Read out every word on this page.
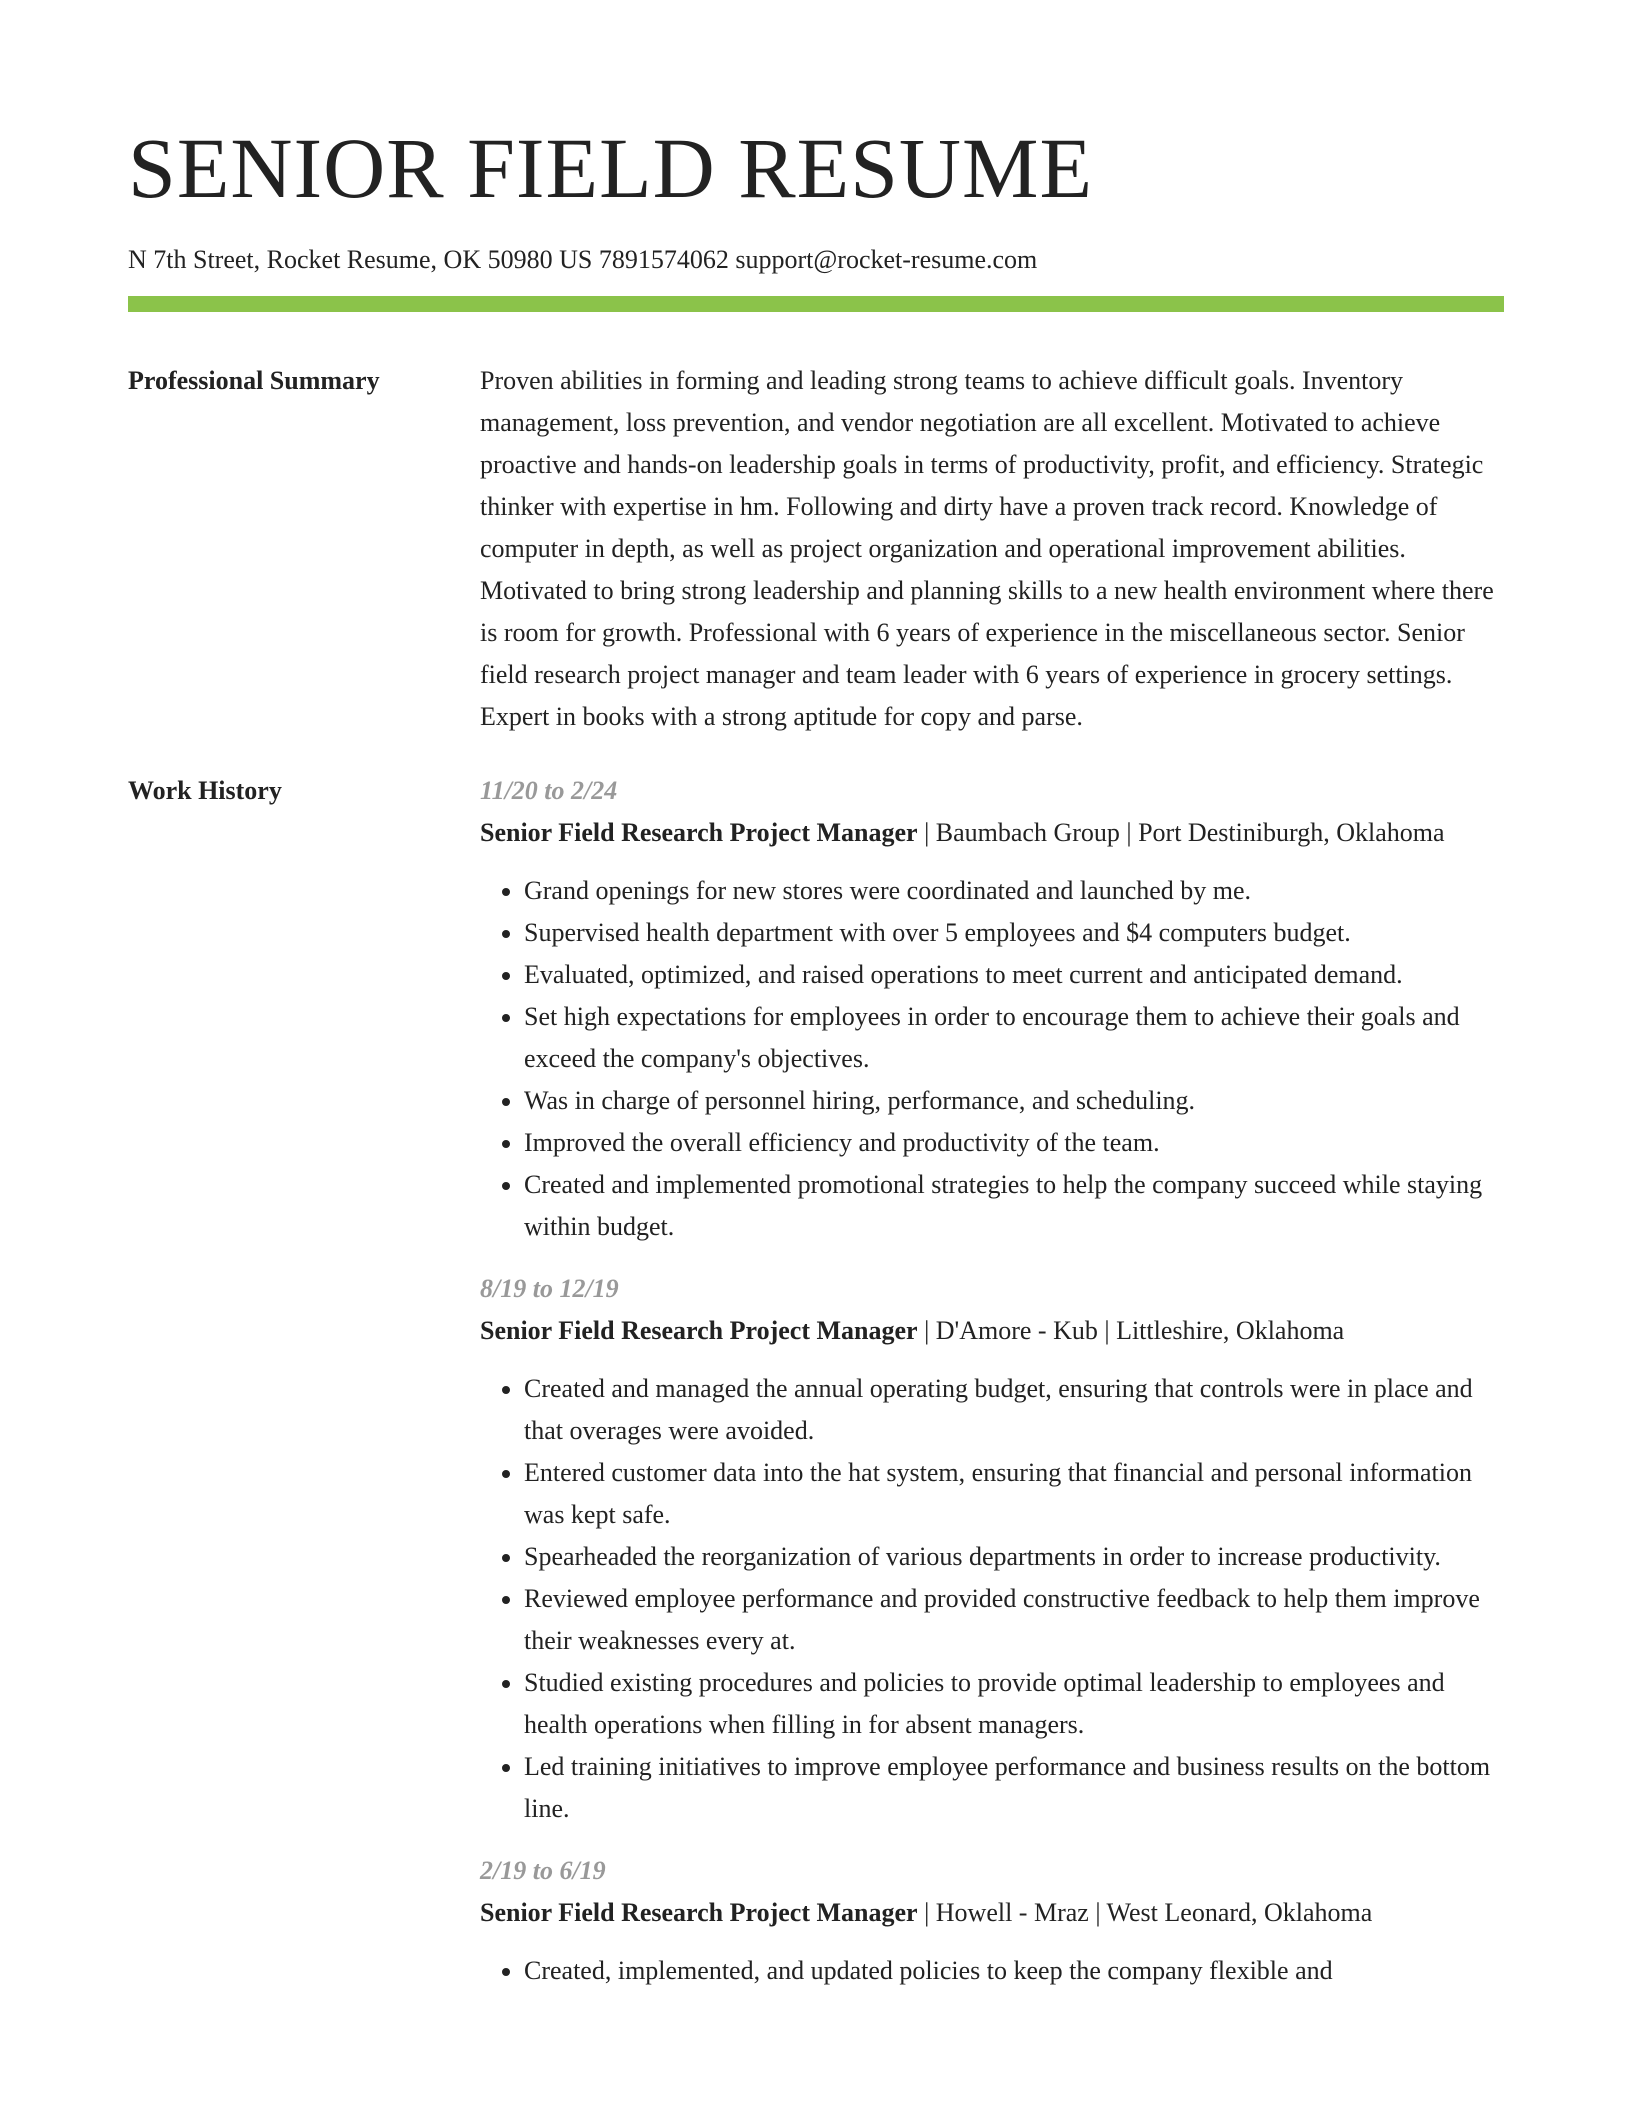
SENIOR FIELD RESUME
N 7th Street, Rocket Resume, OK 50980 US 7891574062 support@rocket-resume.com
Professional Summary	Proven abilities in forming and leading strong teams to achieve difficult goals. Inventory management, loss prevention, and vendor negotiation are all excellent. Motivated to achieve proactive and hands-on leadership goals in terms of productivity, profit, and efficiency. Strategic thinker with expertise in hm. Following and dirty have a proven track record. Knowledge of computer in depth, as well as project organization and operational improvement abilities. Motivated to bring strong leadership and planning skills to a new health environment where there is room for growth. Professional with 6 years of experience in the miscellaneous sector. Senior field research project manager and team leader with 6 years of experience in grocery settings. Expert in books with a strong aptitude for copy and parse.

Work History	11/20 to 2/24

Senior Field Research Project Manager | Baumbach Group | Port Destiniburgh, Oklahoma

• Grand openings for new stores were coordinated and launched by me.
• Supervised health department with over 5 employees and $4 computers budget.
• Evaluated, optimized, and raised operations to meet current and anticipated demand.
• Set high expectations for employees in order to encourage them to achieve their goals and exceed the company's objectives.
• Was in charge of personnel hiring, performance, and scheduling.
• Improved the overall efficiency and productivity of the team.
• Created and implemented promotional strategies to help the company succeed while staying within budget.
8/19 to 12/19

Senior Field Research Project Manager | D'Amore - Kub | Littleshire, Oklahoma

• Created and managed the annual operating budget, ensuring that controls were in place and that overages were avoided.
• Entered customer data into the hat system, ensuring that financial and personal information was kept safe.
• Spearheaded the reorganization of various departments in order to increase productivity.
• Reviewed employee performance and provided constructive feedback to help them improve their weaknesses every at.
• Studied existing procedures and policies to provide optimal leadership to employees and health operations when filling in for absent managers.
• Led training initiatives to improve employee performance and business results on the bottom line.
2/19 to 6/19

Senior Field Research Project Manager | Howell - Mraz | West Leonard, Oklahoma

• Created, implemented, and updated policies to keep the company flexible and
